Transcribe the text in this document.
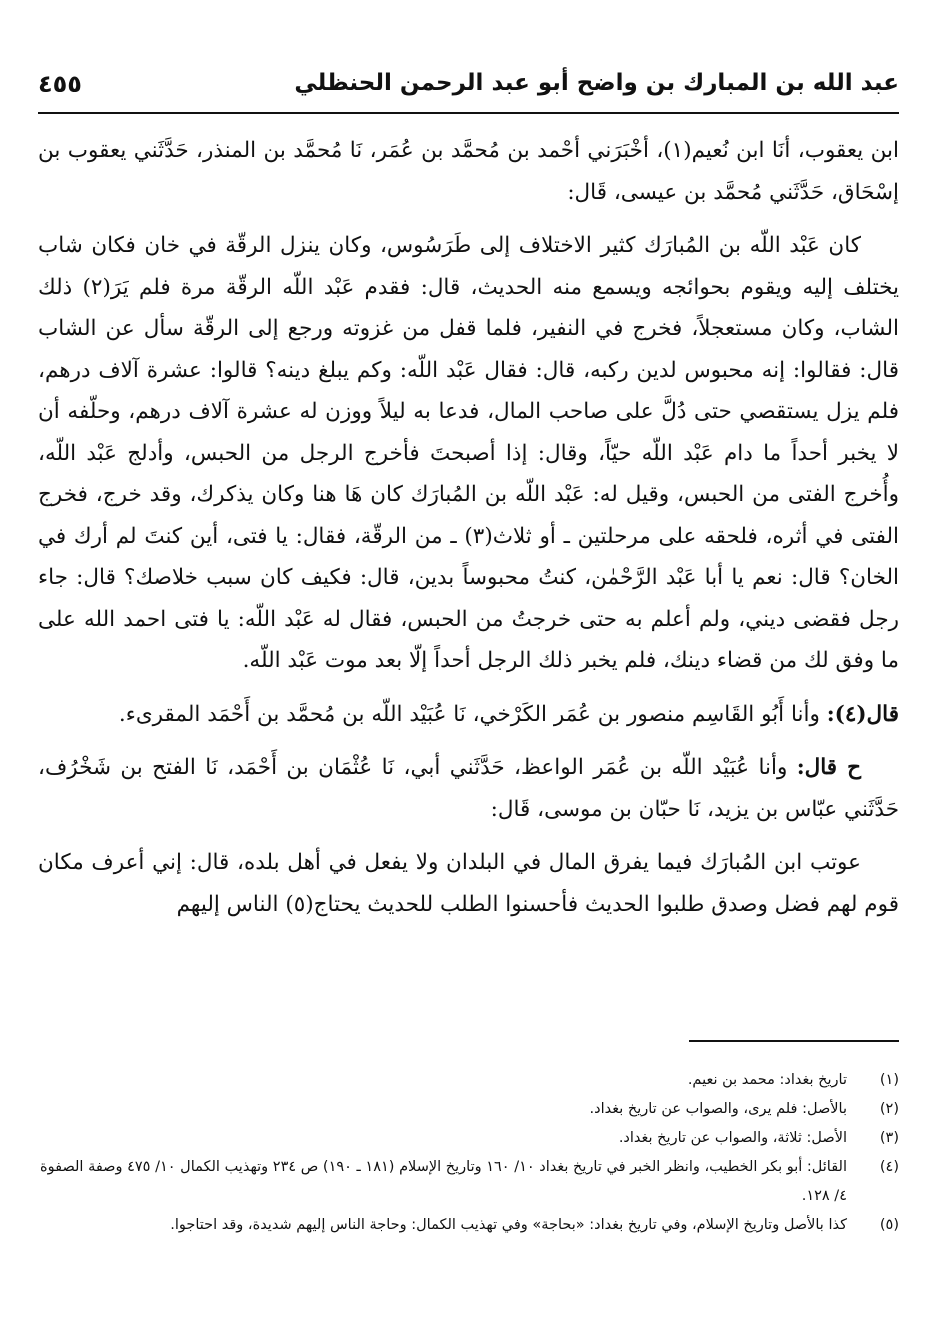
عبد الله بن المبارك بن واضح أبو عبد الرحمن الحنظلي
٤٥٥

ابن يعقوب، أنَا ابن نُعيم(١)، أخْبَرَني أحْمد بن مُحمَّد بن عُمَر، نَا مُحمَّد بن المنذر، حَدَّثَني يعقوب بن إسْحَاق، حَدَّثَني مُحمَّد بن عيسى، قَال:

كان عَبْد اللّه بن المُبارَك كثير الاختلاف إلى طَرَسُوس، وكان ينزل الرقّة في خان فكان شاب يختلف إليه ويقوم بحوائجه ويسمع منه الحديث، قال: فقدم عَبْد اللّه الرقّة مرة فلم يَرَ(٢) ذلك الشاب، وكان مستعجلاً، فخرج في النفير، فلما قفل من غزوته ورجع إلى الرقّة سأل عن الشاب قال: فقالوا: إنه محبوس لدين ركبه، قال: فقال عَبْد اللّه: وكم يبلغ دينه؟ قالوا: عشرة آلاف درهم، فلم يزل يستقصي حتى دُلَّ على صاحب المال، فدعا به ليلاً ووزن له عشرة آلاف درهم، وحلّفه أن لا يخبر أحداً ما دام عَبْد اللّه حيّاً، وقال: إذا أصبحتَ فأخرج الرجل من الحبس، وأدلج عَبْد اللّه، وأُخرج الفتى من الحبس، وقيل له: عَبْد اللّه بن المُبارَك كان هَا هنا وكان يذكرك، وقد خرج، فخرج الفتى في أثره، فلحقه على مرحلتين ـ أو ثلاث(٣) ـ من الرقّة، فقال: يا فتى، أين كنتَ لم أرك في الخان؟ قال: نعم يا أبا عَبْد الرَّحْمٰن، كنتُ محبوساً بدين، قال: فكيف كان سبب خلاصك؟ قال: جاء رجل فقضى ديني، ولم أعلم به حتى خرجتُ من الحبس، فقال له عَبْد اللّه: يا فتى احمد الله على ما وفق لك من قضاء دينك، فلم يخبر ذلك الرجل أحداً إلّا بعد موت عَبْد اللّه.

قال(٤): وأنا أَبُو القَاسِم منصور بن عُمَر الكَرْخي، نَا عُبَيْد اللّه بن مُحمَّد بن أَحْمَد المقرىء.

ح قال: وأنا عُبَيْد اللّه بن عُمَر الواعظ، حَدَّثَني أبي، نَا عُثْمَان بن أَحْمَد، نَا الفتح بن شَخْرُف، حَدَّثَني عبّاس بن يزيد، نَا حبّان بن موسى، قَال:

عوتب ابن المُبارَك فيما يفرق المال في البلدان ولا يفعل في أهل بلده، قال: إني أعرف مكان قوم لهم فضل وصدق طلبوا الحديث فأحسنوا الطلب للحديث يحتاج(٥) الناس إليهم

(١)
تاريخ بغداد: محمد بن نعيم.
(٢)
بالأصل: فلم يرى، والصواب عن تاريخ بغداد.
(٣)
الأصل: ثلاثة، والصواب عن تاريخ بغداد.
(٤)
القائل: أبو بكر الخطيب، وانظر الخبر في تاريخ بغداد ١٠/ ١٦٠ وتاريخ الإسلام (١٨١ ـ ١٩٠) ص ٢٣٤ وتهذيب الكمال ١٠/ ٤٧٥ وصفة الصفوة ٤/ ١٢٨.
(٥)
كذا بالأصل وتاريخ الإسلام، وفي تاريخ بغداد: «بحاجة» وفي تهذيب الكمال: وحاجة الناس إليهم شديدة، وقد احتاجوا.
